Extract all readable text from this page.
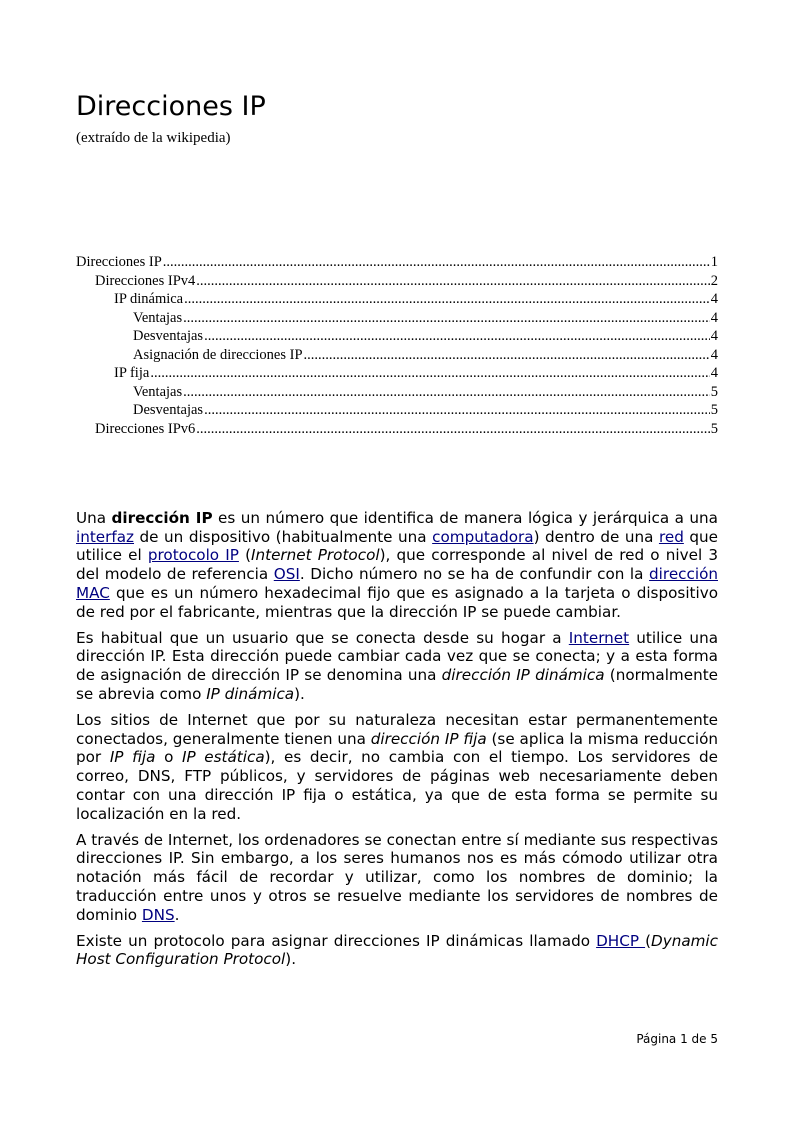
Direcciones IP
(extraído de la wikipedia)
Direcciones IP .....	1
Direcciones IPv4 .....	2
IP dinámica .....	4
Ventajas .....	4
Desventajas .....	4
Asignación de direcciones IP .....	4
IP fija .....	4
Ventajas .....	5
Desventajas .....	5
Direcciones IPv6 .....	5

Una dirección IP es un número que identifica de manera lógica y jerárquica a una interfaz de un dispositivo (habitualmente una computadora) dentro de una red que utilice el protocolo IP (Internet Protocol), que corresponde al nivel de red o nivel 3 del modelo de referencia OSI. Dicho número no se ha de confundir con la dirección MAC que es un número hexadecimal fijo que es asignado a la tarjeta o dispositivo de red por el fabricante, mientras que la dirección IP se puede cambiar.

Es habitual que un usuario que se conecta desde su hogar a Internet utilice una dirección IP. Esta dirección puede cambiar cada vez que se conecta; y a esta forma de asignación de dirección IP se denomina una dirección IP dinámica (normalmente se abrevia como IP dinámica).

Los sitios de Internet que por su naturaleza necesitan estar permanentemente conectados, generalmente tienen una dirección IP fija (se aplica la misma reducción por IP fija o IP estática), es decir, no cambia con el tiempo. Los servidores de correo, DNS, FTP públicos, y servidores de páginas web necesariamente deben contar con una dirección IP fija o estática, ya que de esta forma se permite su localización en la red.

A través de Internet, los ordenadores se conectan entre sí mediante sus respectivas direcciones IP. Sin embargo, a los seres humanos nos es más cómodo utilizar otra notación más fácil de recordar y utilizar, como los nombres de dominio; la traducción entre unos y otros se resuelve mediante los servidores de nombres de dominio DNS.

Existe un protocolo para asignar direcciones IP dinámicas llamado DHCP (Dynamic Host Configuration Protocol).

Página 1 de 5
